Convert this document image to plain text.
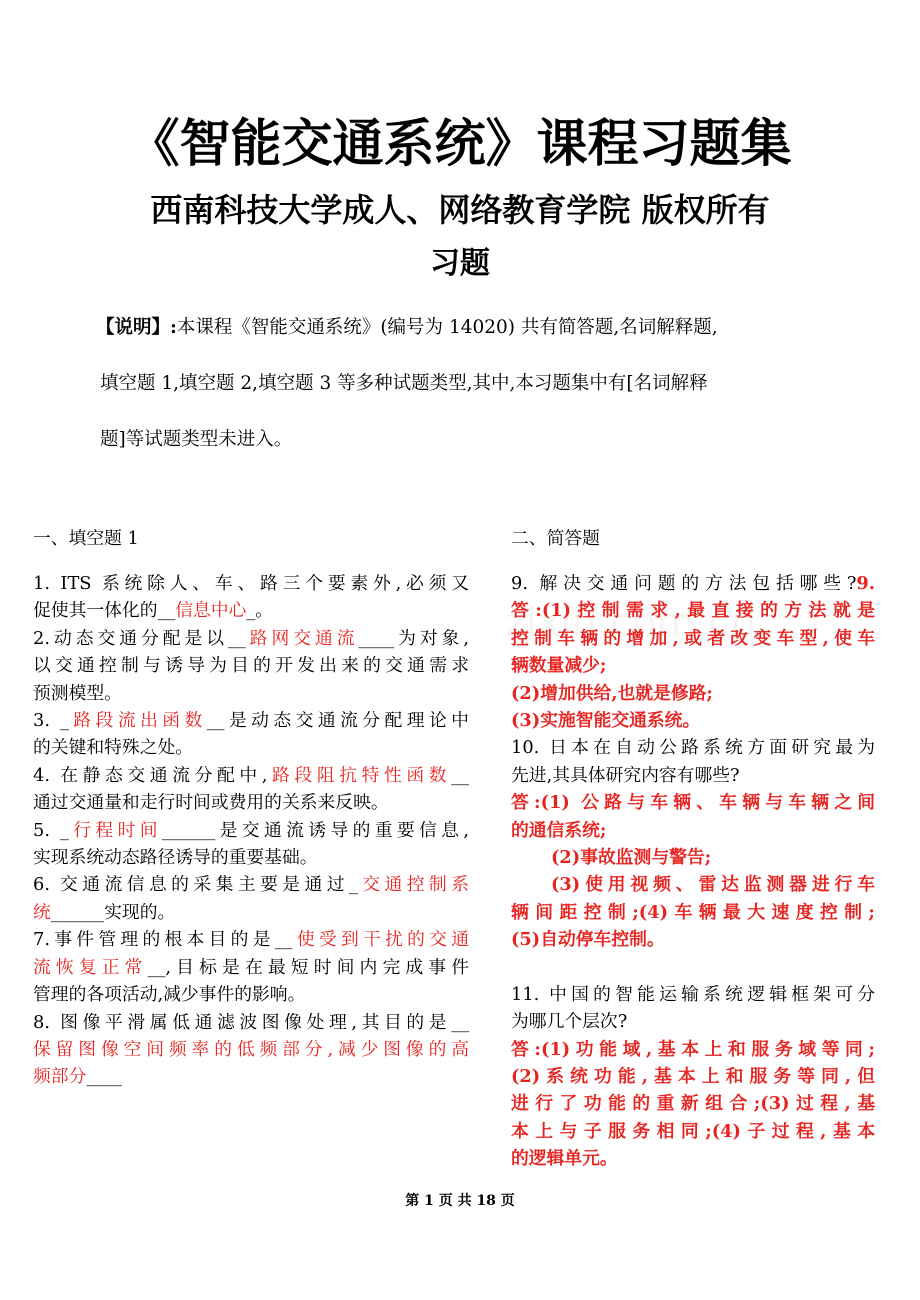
《智能交通系统》课程习题集
西南科技大学成人、网络教育学院 版权所有
习题

【说明】:本课程《智能交通系统》(编号为 14020) 共有简答题,名词解释题,

填空题 1,填空题 2,填空题 3 等多种试题类型,其中,本习题集中有[名词解释

题]等试题类型未进入。

一、填空题 1

1. ITS 系统除人、车、路三个要素外,必须又

促使其一体化的__信息中心_。

2.动态交通分配是以__路网交通流____为对象,

以交通控制与诱导为目的开发出来的交通需求

预测模型。

3. _路段流出函数__是动态交通流分配理论中

的关键和特殊之处。

4. 在静态交通流分配中,路段阻抗特性函数__

通过交通量和走行时间或费用的关系来反映。

5. _行程时间______是交通流诱导的重要信息,

实现系统动态路径诱导的重要基础。

6. 交通流信息的采集主要是通过_交通控制系

统______实现的。

7.事件管理的根本目的是__使受到干扰的交通

流恢复正常__,目标是在最短时间内完成事件

管理的各项活动,减少事件的影响。

8. 图像平滑属低通滤波图像处理,其目的是__

保留图像空间频率的低频部分,减少图像的高

频部分____

二、简答题

9. 解决交通问题的方法包括哪些?9.

答:(1)控制需求,最直接的方法就是

控制车辆的增加,或者改变车型,使车

辆数量减少;

(2)增加供给,也就是修路;

(3)实施智能交通系统。

10. 日本在自动公路系统方面研究最为

先进,其具体研究内容有哪些?

答:(1) 公路与车辆、车辆与车辆之间

的通信系统;

(2)事故监测与警告;

(3)使用视频、雷达监测器进行车

辆间距控制;(4)车辆最大速度控制;

(5)自动停车控制。

11. 中国的智能运输系统逻辑框架可分

为哪几个层次?

答:(1)功能域,基本上和服务域等同;

(2)系统功能,基本上和服务等同,但

进行了功能的重新组合;(3)过程,基

本上与子服务相同;(4)子过程,基本

的逻辑单元。

第 1 页 共 18 页
